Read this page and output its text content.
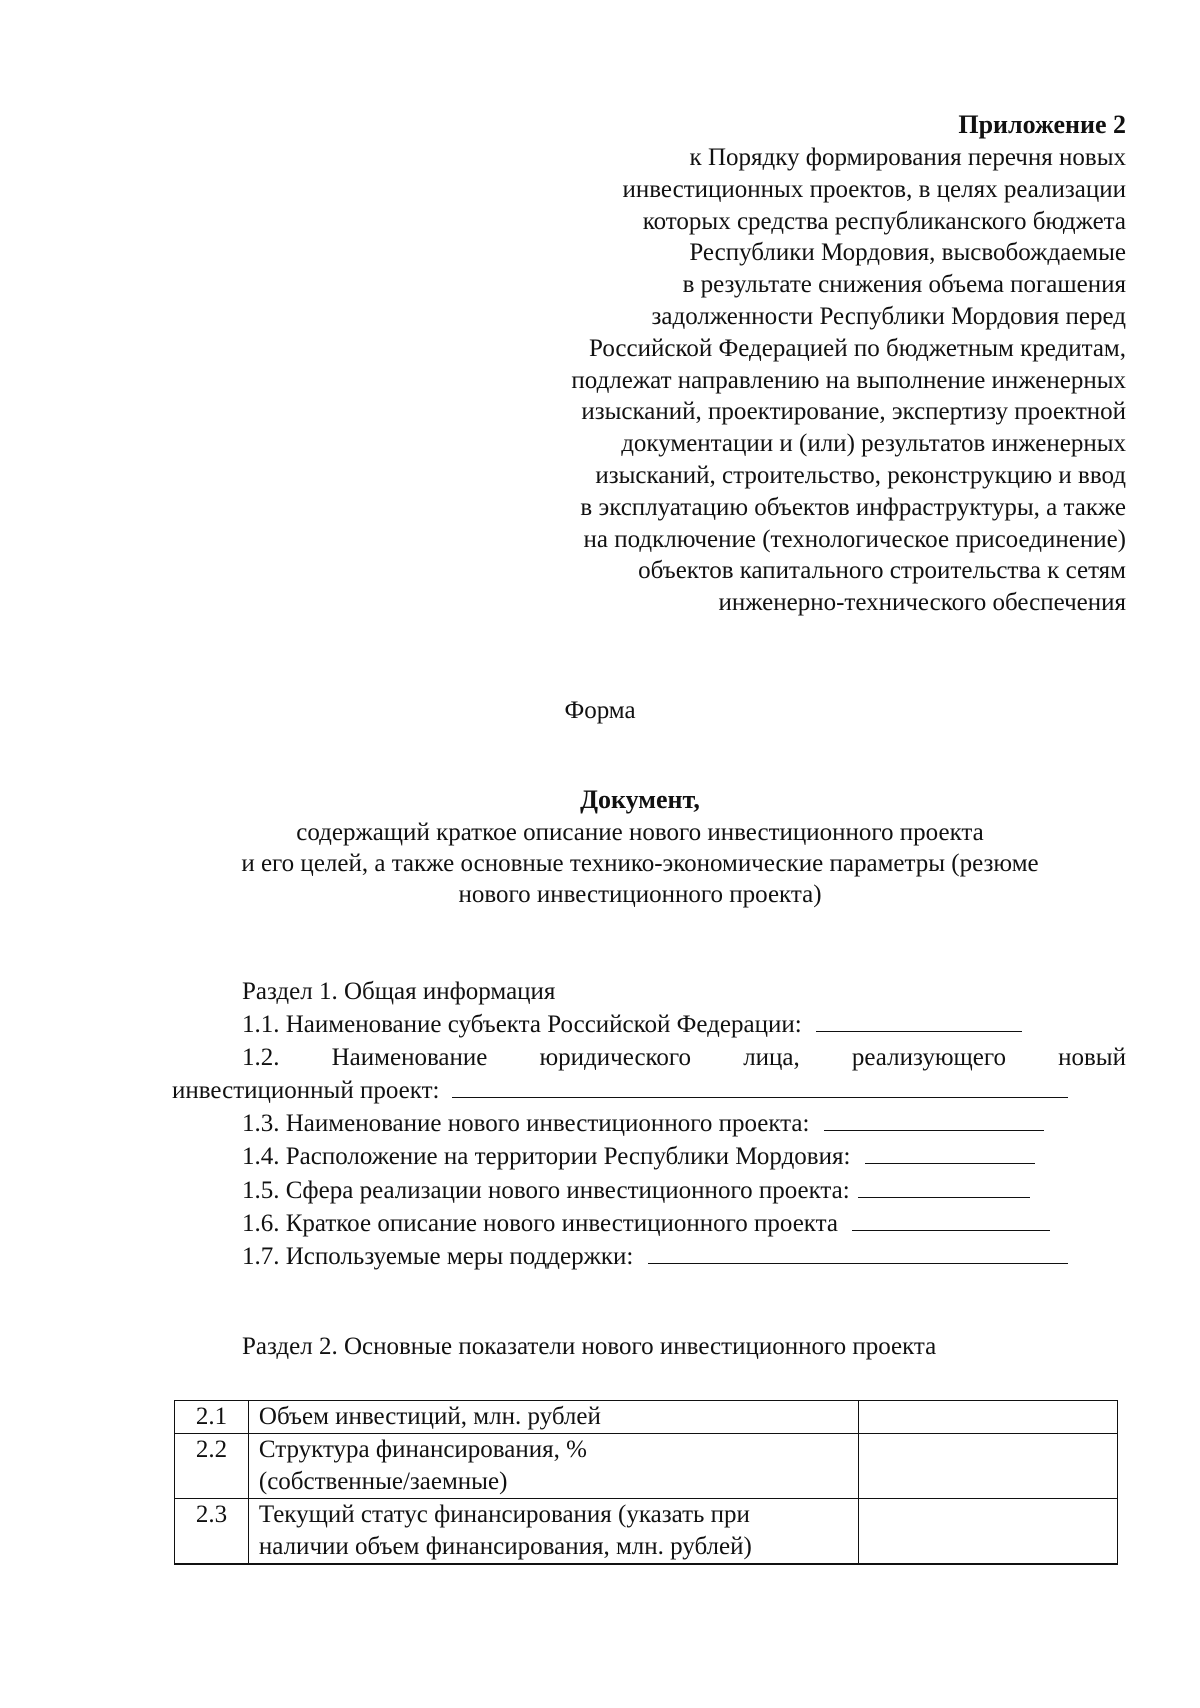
Приложение 2
к Порядку формирования перечня новых
инвестиционных проектов, в целях реализации
которых средства республиканского бюджета
Республики Мордовия, высвобождаемые
в результате снижения объема погашения
задолженности Республики Мордовия перед
Российской Федерацией по бюджетным кредитам,
подлежат направлению на выполнение инженерных
изысканий, проектирование, экспертизу проектной
документации и (или) результатов инженерных
изысканий, строительство, реконструкцию и ввод
в эксплуатацию объектов инфраструктуры, а также
на подключение (технологическое присоединение)
объектов капитального строительства к сетям
инженерно-технического обеспечения
Форма
Документ,
содержащий краткое описание нового инвестиционного проекта
и его целей, а также основные технико-экономические параметры (резюме
нового инвестиционного проекта)
Раздел 1. Общая информация
1.1. Наименование субъекта Российской Федерации:
1.2. Наименование юридического лица, реализующего новый
инвестиционный проект:
1.3. Наименование нового инвестиционного проекта:
1.4. Расположение на территории Республики Мордовия:
1.5. Сфера реализации нового инвестиционного проекта:
1.6. Краткое описание нового инвестиционного проекта
1.7. Используемые меры поддержки:
Раздел 2. Основные показатели нового инвестиционного проекта
2.1	Объем инвестиций, млн. рублей	

2.2	Структура финансирования, %
(собственные/заемные)	

2.3	Текущий статус финансирования (указать при
наличии объем финансирования, млн. рублей)	
